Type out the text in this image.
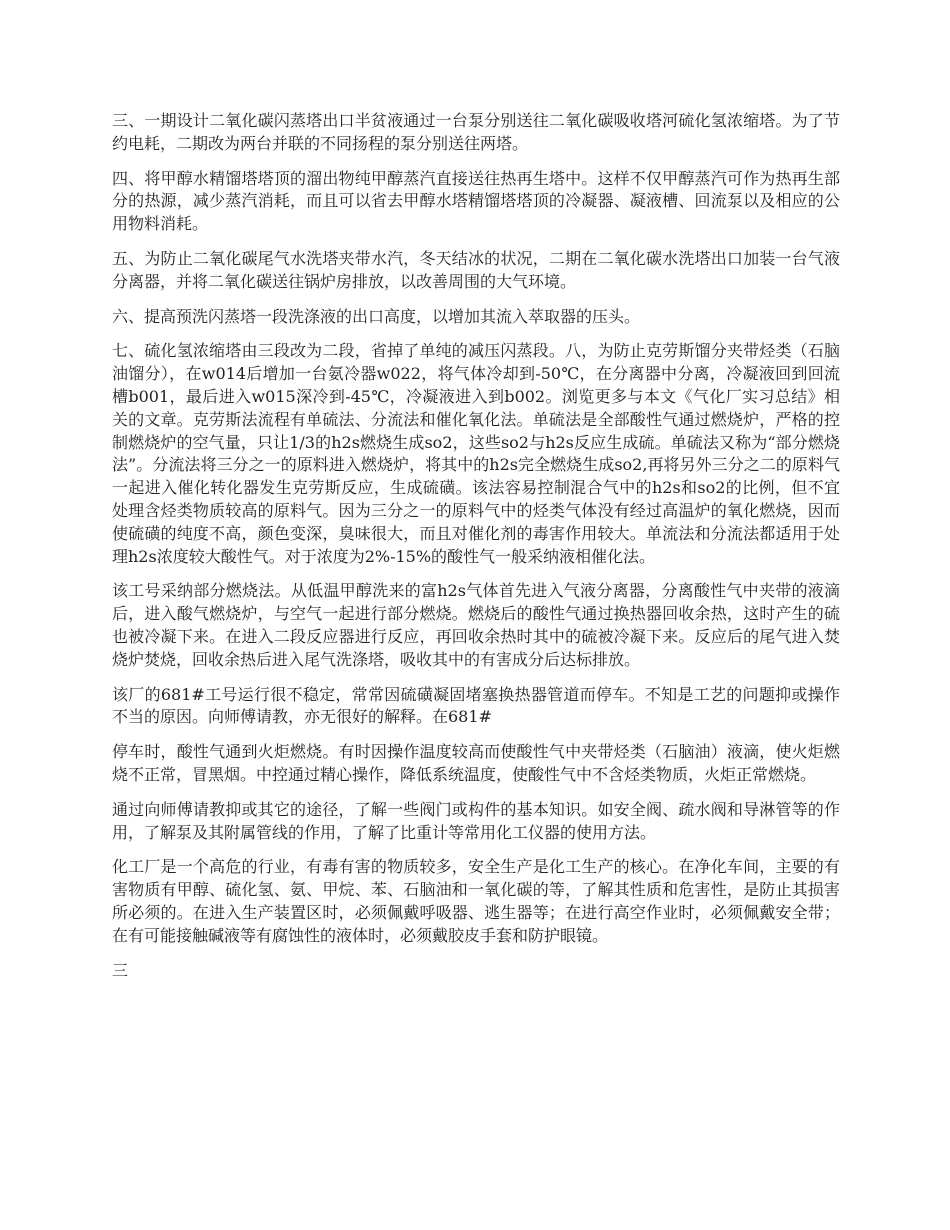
三、一期设计二氧化碳闪蒸塔出口半贫液通过一台泵分别送往二氧化碳吸收塔河硫化氢浓缩塔。为了节约电耗，二期改为两台并联的不同扬程的泵分别送往两塔。

四、将甲醇水精馏塔塔顶的溜出物纯甲醇蒸汽直接送往热再生塔中。这样不仅甲醇蒸汽可作为热再生部分的热源，减少蒸汽消耗，而且可以省去甲醇水塔精馏塔塔顶的冷凝器、凝液槽、回流泵以及相应的公用物料消耗。

五、为防止二氧化碳尾气水洗塔夹带水汽，冬天结冰的状况，二期在二氧化碳水洗塔出口加装一台气液分离器，并将二氧化碳送往锅炉房排放，以改善周围的大气环境。

六、提高预洗闪蒸塔一段洗涤液的出口高度，以增加其流入萃取器的压头。

七、硫化氢浓缩塔由三段改为二段，省掉了单纯的减压闪蒸段。八，为防止克劳斯馏分夹带烃类（石脑油馏分），在w014后增加一台氨冷器w022，将气体冷却到-50℃，在分离器中分离，冷凝液回到回流槽b001，最后进入w015深冷到-45℃，冷凝液进入到b002。浏览更多与本文《气化厂实习总结》相关的文章。克劳斯法流程有单硫法、分流法和催化氧化法。单硫法是全部酸性气通过燃烧炉，严格的控制燃烧炉的空气量，只让1/3的h2s燃烧生成so2，这些so2与h2s反应生成硫。单硫法又称为“部分燃烧法”。分流法将三分之一的原料进入燃烧炉，将其中的h2s完全燃烧生成so2,再将另外三分之二的原料气一起进入催化转化器发生克劳斯反应，生成硫磺。该法容易控制混合气中的h2s和so2的比例，但不宜处理含烃类物质较高的原料气。因为三分之一的原料气中的烃类气体没有经过高温炉的氧化燃烧，因而使硫磺的纯度不高，颜色变深，臭味很大，而且对催化剂的毒害作用较大。单流法和分流法都适用于处理h2s浓度较大酸性气。对于浓度为2%-15%的酸性气一般采纳液相催化法。

该工号采纳部分燃烧法。从低温甲醇洗来的富h2s气体首先进入气液分离器，分离酸性气中夹带的液滴后，进入酸气燃烧炉，与空气一起进行部分燃烧。燃烧后的酸性气通过换热器回收余热，这时产生的硫也被冷凝下来。在进入二段反应器进行反应，再回收余热时其中的硫被冷凝下来。反应后的尾气进入焚烧炉焚烧，回收余热后进入尾气洗涤塔，吸收其中的有害成分后达标排放。

该厂的681#工号运行很不稳定，常常因硫磺凝固堵塞换热器管道而停车。不知是工艺的问题抑或操作不当的原因。向师傅请教，亦无很好的解释。在681#

停车时，酸性气通到火炬燃烧。有时因操作温度较高而使酸性气中夹带烃类（石脑油）液滴，使火炬燃烧不正常，冒黑烟。中控通过精心操作，降低系统温度，使酸性气中不含烃类物质，火炬正常燃烧。

通过向师傅请教抑或其它的途径，了解一些阀门或构件的基本知识。如安全阀、疏水阀和导淋管等的作用，了解泵及其附属管线的作用，了解了比重计等常用化工仪器的使用方法。

化工厂是一个高危的行业，有毒有害的物质较多，安全生产是化工生产的核心。在净化车间，主要的有害物质有甲醇、硫化氢、氨、甲烷、苯、石脑油和一氧化碳的等，了解其性质和危害性，是防止其损害所必须的。在进入生产装置区时，必须佩戴呼吸器、逃生器等；在进行高空作业时，必须佩戴安全带；在有可能接触碱液等有腐蚀性的液体时，必须戴胶皮手套和防护眼镜。

三
